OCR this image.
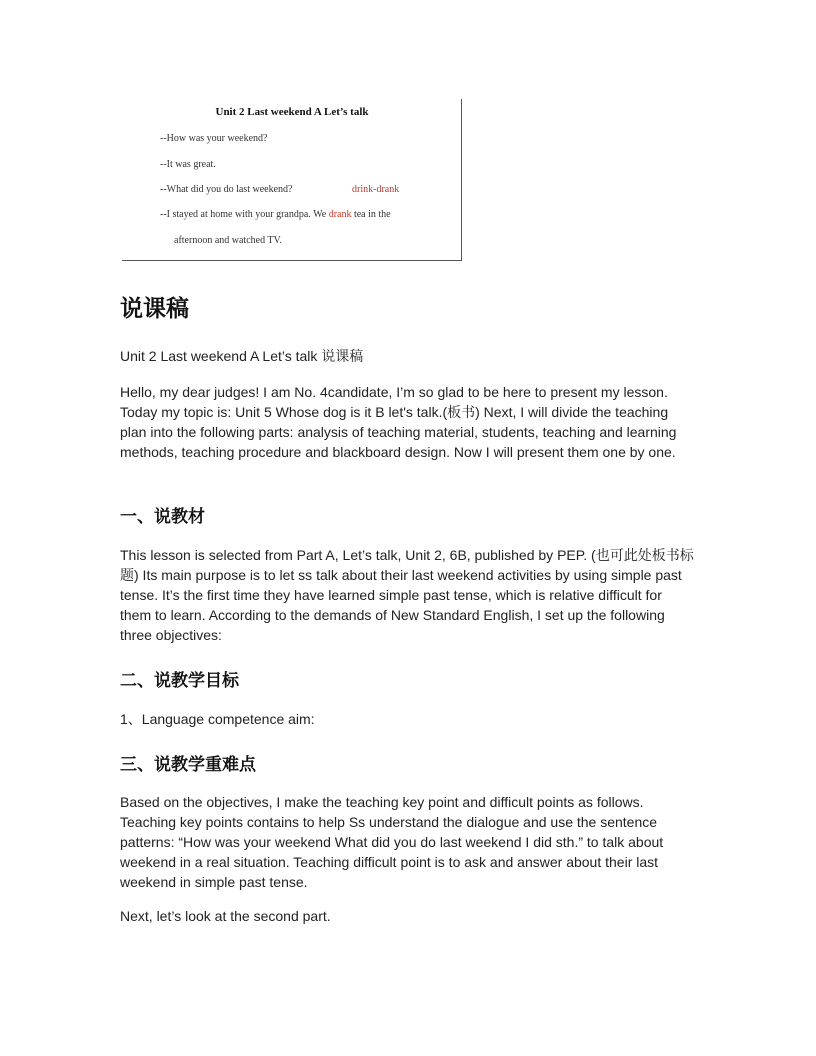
Unit 2 Last weekend A Let’s talk
--How was your weekend?
--It was great.
--What did you do last weekend?	drink-drank
--I stayed at home with your grandpa. We drank tea in the
afternoon and watched TV.
说课稿

Unit 2 Last weekend A Let’s talk 说课稿

Hello, my dear judges! I am No. 4candidate, I’m so glad to be here to present my lesson. Today my topic is: Unit 5 Whose dog is it B let's talk.(板书) Next, I will divide the teaching plan into the following parts: analysis of teaching material, students, teaching and learning methods, teaching procedure and blackboard design. Now I will present them one by one.

一、说教材

This lesson is selected from Part A, Let’s talk, Unit 2, 6B, published by PEP. (也可此处板书标题) Its main purpose is to let ss talk about their last weekend activities by using simple past tense. It’s the first time they have learned simple past tense, which is relative difficult for them to learn. According to the demands of New Standard English, I set up the following three objectives:

二、说教学目标

1、Language competence aim:

三、说教学重难点

Based on the objectives, I make the teaching key point and difficult points as follows. Teaching key points contains to help Ss understand the dialogue and use the sentence patterns: “How was your weekend What did you do last weekend I did sth.” to talk about weekend in a real situation. Teaching difficult point is to ask and answer about their last weekend in simple past tense.

Next, let’s look at the second part.
